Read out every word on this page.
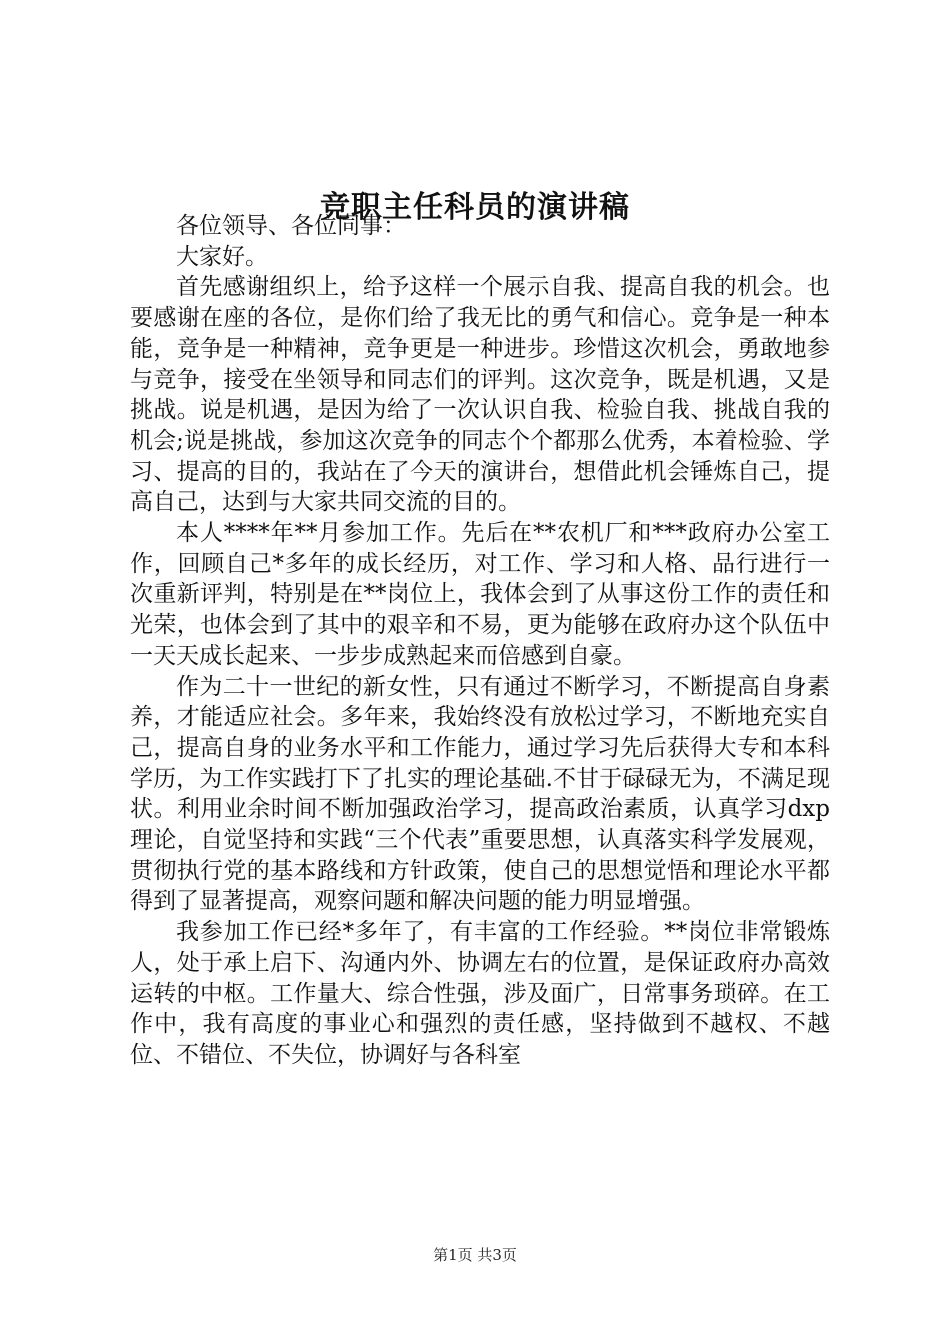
竞职主任科员的演讲稿

各位领导、各位同事：

大家好。

首先感谢组织上，给予这样一个展示自我、提高自我的机会。也要感谢在座的各位，是你们给了我无比的勇气和信心。竞争是一种本能，竞争是一种精神，竞争更是一种进步。珍惜这次机会，勇敢地参与竞争，接受在坐领导和同志们的评判。这次竞争，既是机遇，又是挑战。说是机遇，是因为给了一次认识自我、检验自我、挑战自我的机会;说是挑战，参加这次竞争的同志个个都那么优秀，本着检验、学习、提高的目的，我站在了今天的演讲台，想借此机会锤炼自己，提高自己，达到与大家共同交流的目的。

本人****年**月参加工作。先后在**农机厂和***政府办公室工作，回顾自己*多年的成长经历，对工作、学习和人格、品行进行一次重新评判，特别是在**岗位上，我体会到了从事这份工作的责任和光荣，也体会到了其中的艰辛和不易，更为能够在政府办这个队伍中一天天成长起来、一步步成熟起来而倍感到自豪。

作为二十一世纪的新女性，只有通过不断学习，不断提高自身素养，才能适应社会。多年来，我始终没有放松过学习，不断地充实自己，提高自身的业务水平和工作能力，通过学习先后获得大专和本科学历，为工作实践打下了扎实的理论基础.不甘于碌碌无为，不满足现状。利用业余时间不断加强政治学习，提高政治素质，认真学习dxp理论，自觉坚持和实践“三个代表”重要思想，认真落实科学发展观，贯彻执行党的基本路线和方针政策，使自己的思想觉悟和理论水平都得到了显著提高，观察问题和解决问题的能力明显增强。

我参加工作已经*多年了，有丰富的工作经验。**岗位非常锻炼人，处于承上启下、沟通内外、协调左右的位置，是保证政府办高效运转的中枢。工作量大、综合性强，涉及面广，日常事务琐碎。在工作中，我有高度的事业心和强烈的责任感，坚持做到不越权、不越位、不错位、不失位，协调好与各科室

第1页 共3页
